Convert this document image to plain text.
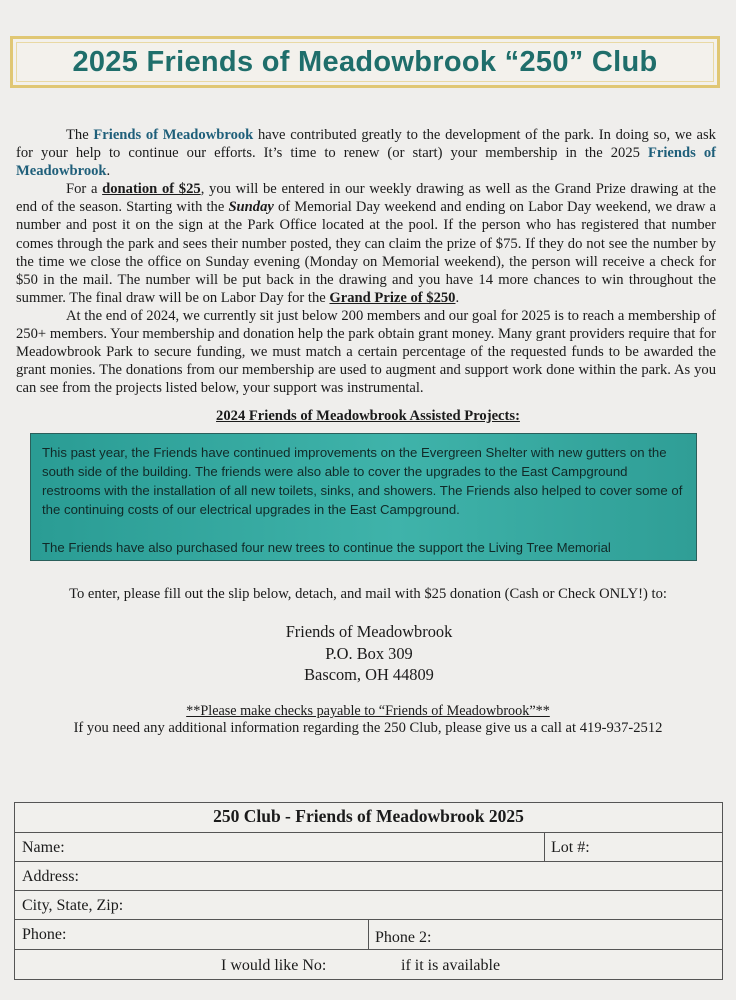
2025 Friends of Meadowbrook “250” Club

The Friends of Meadowbrook have contributed greatly to the development of the park. In doing so, we ask for your help to continue our efforts. It’s time to renew (or start) your membership in the 2025 Friends of Meadowbrook.

For a donation of $25, you will be entered in our weekly drawing as well as the Grand Prize drawing at the end of the season. Starting with the Sunday of Memorial Day weekend and ending on Labor Day weekend, we draw a number and post it on the sign at the Park Office located at the pool. If the person who has registered that number comes through the park and sees their number posted, they can claim the prize of $75. If they do not see the number by the time we close the office on Sunday evening (Monday on Memorial weekend), the person will receive a check for $50 in the mail. The number will be put back in the drawing and you have 14 more chances to win throughout the summer. The final draw will be on Labor Day for the Grand Prize of $250.

At the end of 2024, we currently sit just below 200 members and our goal for 2025 is to reach a membership of 250+ members. Your membership and donation help the park obtain grant money. Many grant providers require that for Meadowbrook Park to secure funding, we must match a certain percentage of the requested funds to be awarded the grant monies. The donations from our membership are used to augment and support work done within the park. As you can see from the projects listed below, your support was instrumental.

2024 Friends of Meadowbrook Assisted Projects:

This past year, the Friends have continued improvements on the Evergreen Shelter with new gutters on the south side of the building. The friends were also able to cover the upgrades to the East Campground restrooms with the installation of all new toilets, sinks, and showers. The Friends also helped to cover some of the continuing costs of our electrical upgrades in the East Campground.

The Friends have also purchased four new trees to continue the support the Living Tree Memorial

To enter, please fill out the slip below, detach, and mail with $25 donation (Cash or Check ONLY!) to:
Friends of Meadowbrook
P.O. Box 309
Bascom, OH 44809
**Please make checks payable to “Friends of Meadowbrook”**
If you need any additional information regarding the 250 Club, please give us a call at 419-937-2512
250 Club - Friends of Meadowbrook 2025
Name:	Lot #:
Address:
City, State, Zip:
Phone:	Phone 2:
I would like No:	if it is available
